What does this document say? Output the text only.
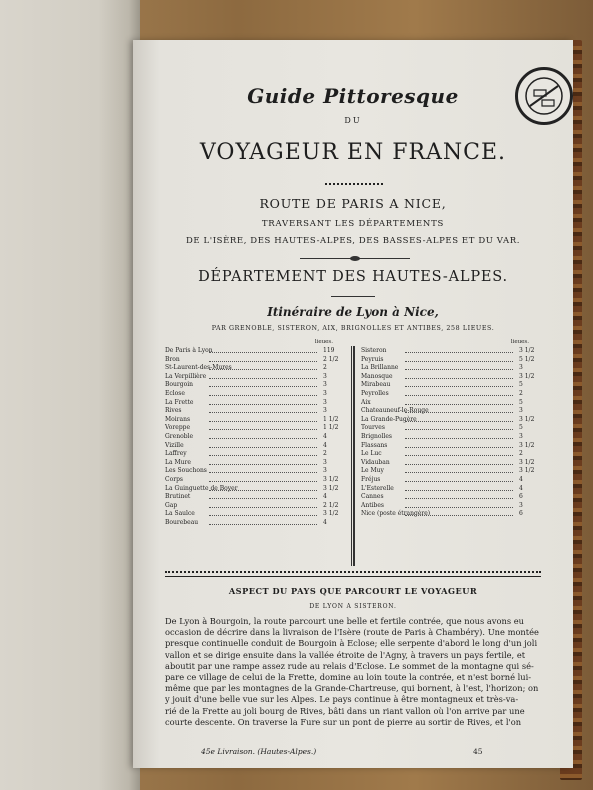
Guide Pittoresque
DU
VOYAGEUR EN FRANCE.
ROUTE DE PARIS A NICE,
TRAVERSANT LES DÉPARTEMENTS
DE L'ISÈRE, DES HAUTES-ALPES, DES BASSES-ALPES ET DU VAR.
DÉPARTEMENT DES HAUTES-ALPES.
Itinéraire de Lyon à Nice,
PAR GRENOBLE, SISTERON, AIX, BRIGNOLLES ET ANTIBES, 258 LIEUES.
lieues.
De Paris à Lyon	119
Bron	2 1/2
St-Laurent-des-Mures	2
La Verpillière	3
Bourgoin	3
Eclose	3
La Frette	3
Rives	3
Moirans	1 1/2
Voreppe	1 1/2
Grenoble	4
Vizille	4
Laffrey	2
La Mure	3
Les Souchons	3
Corps	3 1/2
La Guinguette de Boyer	3 1/2
Brutinet	4
Gap	2 1/2
La Saulce	3 1/2
Bourebeau	4
lieues.
Sisteron	3 1/2
Peyruis	5 1/2
La Brillanne	3
Manosque	3 1/2
Mirabeau	5
Peyrolles	2
Aix	5
Chateauneuf-le-Rouge	3
La Grande-Pugère	3 1/2
Tourves	5
Brignolles	3
Flassans	3 1/2
Le Luc	2
Vidauban	3 1/2
Le Muy	3 1/2
Fréjus	4
L'Esterelle	4
Cannes	6
Antibes	3
Nice (poste étrangère)	6
ASPECT DU PAYS QUE PARCOURT LE VOYAGEUR
DE LYON A SISTERON.
De Lyon à Bourgoin, la route parcourt une belle et fertile contrée, que nous avons eu
occasion de décrire dans la livraison de l'Isère (route de Paris à Chambéry). Une montée
presque continuelle conduit de Bourgoin à Eclose; elle serpente d'abord le long d'un joli
vallon et se dirige ensuite dans la vallée étroite de l'Agny, à travers un pays fertile, et
aboutit par une rampe assez rude au relais d'Eclose. Le sommet de la montagne qui sé-
pare ce village de celui de la Frette, domine au loin toute la contrée, et n'est borné lui-
même que par les montagnes de la Grande-Chartreuse, qui bornent, à l'est, l'horizon; on
y jouit d'une belle vue sur les Alpes. Le pays continue à être montagneux et très-va-
rié de la Frette au joli bourg de Rives, bâti dans un riant vallon où l'on arrive par une
courte descente. On traverse la Fure sur un pont de pierre au sortir de Rives, et l'on
45e Livraison. (Hautes-Alpes.)	45
